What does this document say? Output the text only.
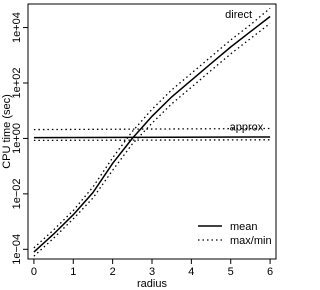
0	1	2	3	4	5	6
1e−04
1e−02
1e+00
1e+02
1e+04	direct
approx
mean
max/min
radius
CPU time (sec)
